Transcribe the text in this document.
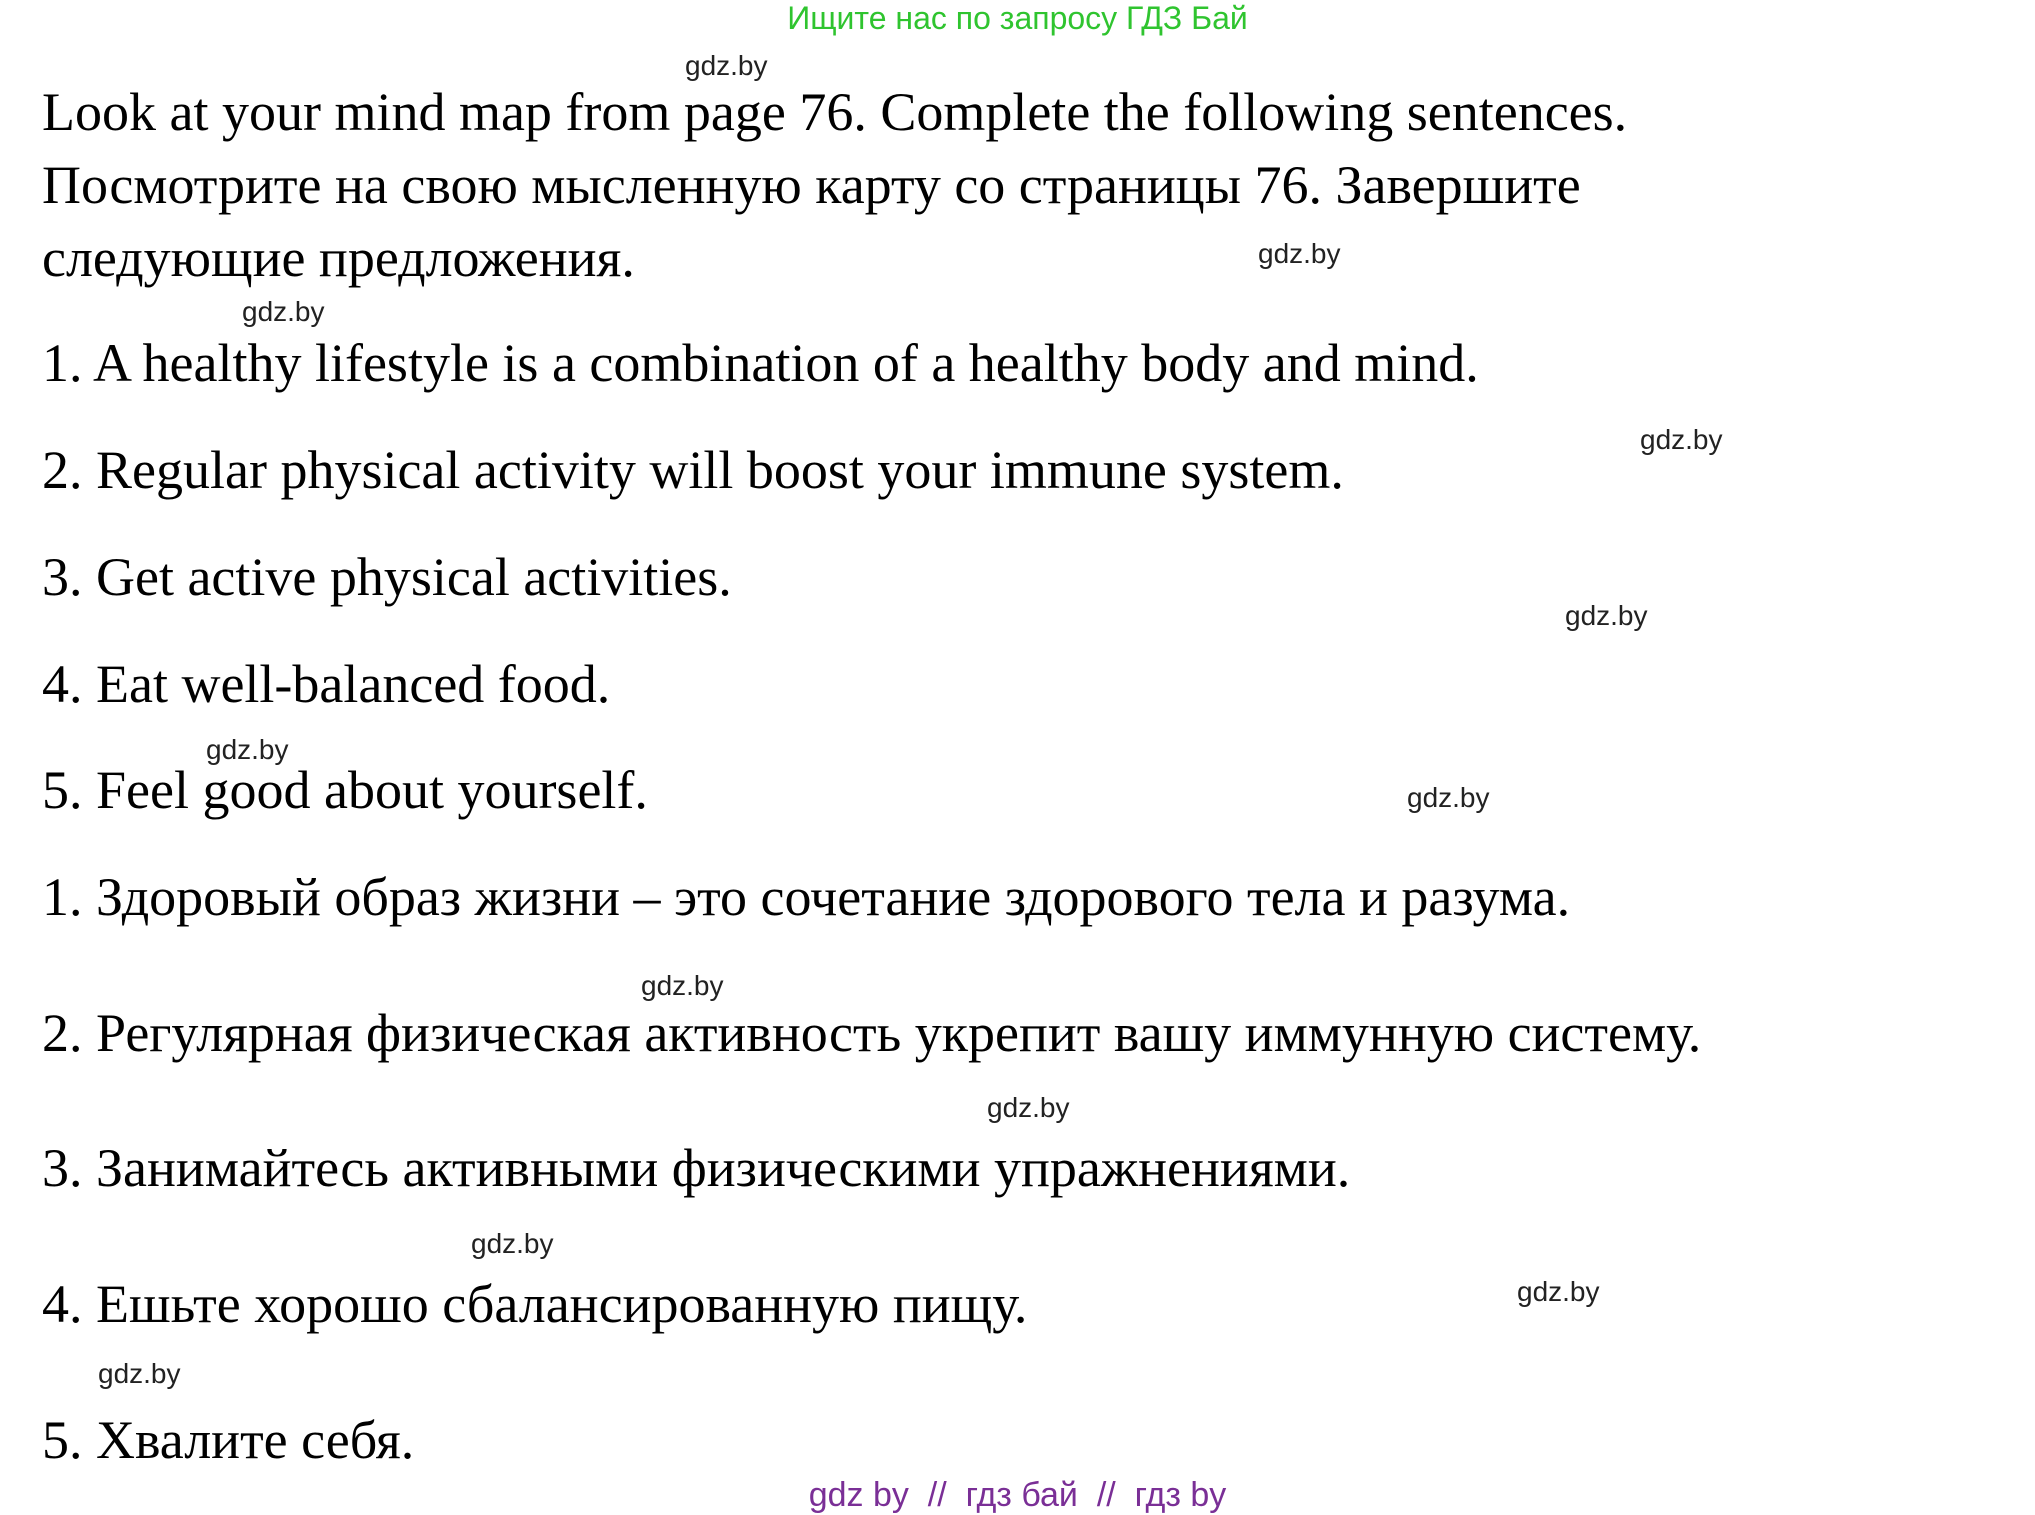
Ищите нас по запросу ГДЗ Бай
Look at your mind map from page 76. Complete the following sentences.
Посмотрите на свою мысленную карту со страницы 76. Завершите
следующие предложения.
1. A healthy lifestyle is a combination of a healthy body and mind.
2. Regular physical activity will boost your immune system.
3. Get active physical activities.
4. Eat well-balanced food.
5. Feel good about yourself.
1. Здоровый образ жизни – это сочетание здорового тела и разума.
2. Регулярная физическая активность укрепит вашу иммунную систему.
3. Занимайтесь активными физическими упражнениями.
4. Ешьте хорошо сбалансированную пищу.
5. Хвалите себя.
gdz.by
gdz.by
gdz.by
gdz.by
gdz.by
gdz.by
gdz.by
gdz.by
gdz.by
gdz.by
gdz.by
gdz.by
gdz by  //  гдз бай  //  гдз by
